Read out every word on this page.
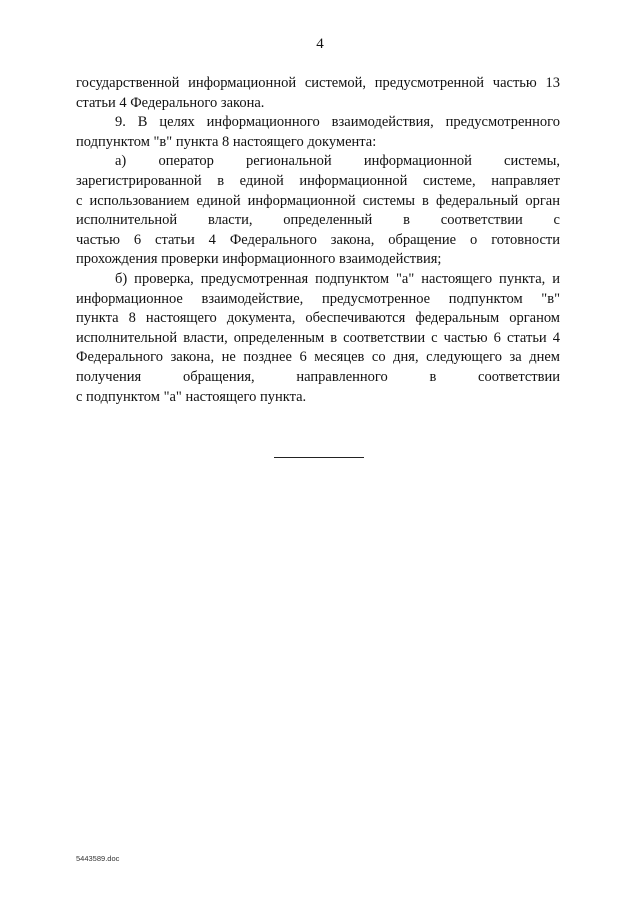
4
государственной информационной системой, предусмотренной частью 13
статьи 4 Федерального закона.
9. В целях информационного взаимодействия, предусмотренного
подпунктом "в" пункта 8 настоящего документа:
а) оператор региональной информационной системы,
зарегистрированной в единой информационной системе, направляет
с использованием единой информационной системы в федеральный орган
исполнительной власти, определенный в соответствии с
частью 6 статьи 4 Федерального закона, обращение о готовности
прохождения проверки информационного взаимодействия;
б) проверка, предусмотренная подпунктом "а" настоящего пункта, и
информационное взаимодействие, предусмотренное подпунктом "в"
пункта 8 настоящего документа, обеспечиваются федеральным органом
исполнительной власти, определенным в соответствии с частью 6 статьи 4
Федерального закона, не позднее 6 месяцев со дня, следующего за днем
получения обращения, направленного в соответствии
с подпунктом "а" настоящего пункта.
5443589.doc
